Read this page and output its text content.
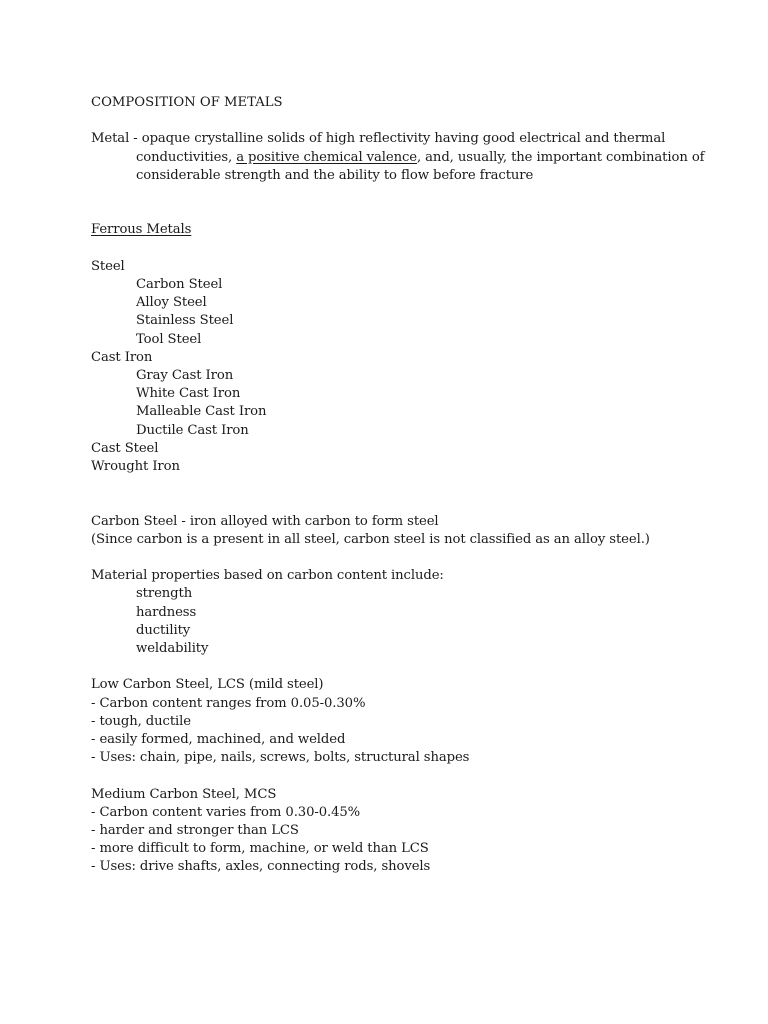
COMPOSITION OF METALS
Metal - opaque crystalline solids of high reflectivity having good electrical and thermal
conductivities, a positive chemical valence, and, usually, the important combination of
considerable strength and the ability to flow before fracture
Ferrous Metals
Steel
Carbon Steel
Alloy Steel
Stainless Steel
Tool Steel
Cast Iron
Gray Cast Iron
White Cast Iron
Malleable Cast Iron
Ductile Cast Iron
Cast Steel
Wrought Iron
Carbon Steel - iron alloyed with carbon to form steel
(Since carbon is a present in all steel, carbon steel is not classified as an alloy steel.)
Material properties based on carbon content include:
strength
hardness
ductility
weldability
Low Carbon Steel, LCS (mild steel)
- Carbon content ranges from 0.05-0.30%
- tough, ductile
- easily formed, machined, and welded
- Uses: chain, pipe, nails, screws, bolts, structural shapes
Medium Carbon Steel, MCS
- Carbon content varies from 0.30-0.45%
- harder and stronger than LCS
- more difficult to form, machine, or weld than LCS
- Uses: drive shafts, axles, connecting rods, shovels
